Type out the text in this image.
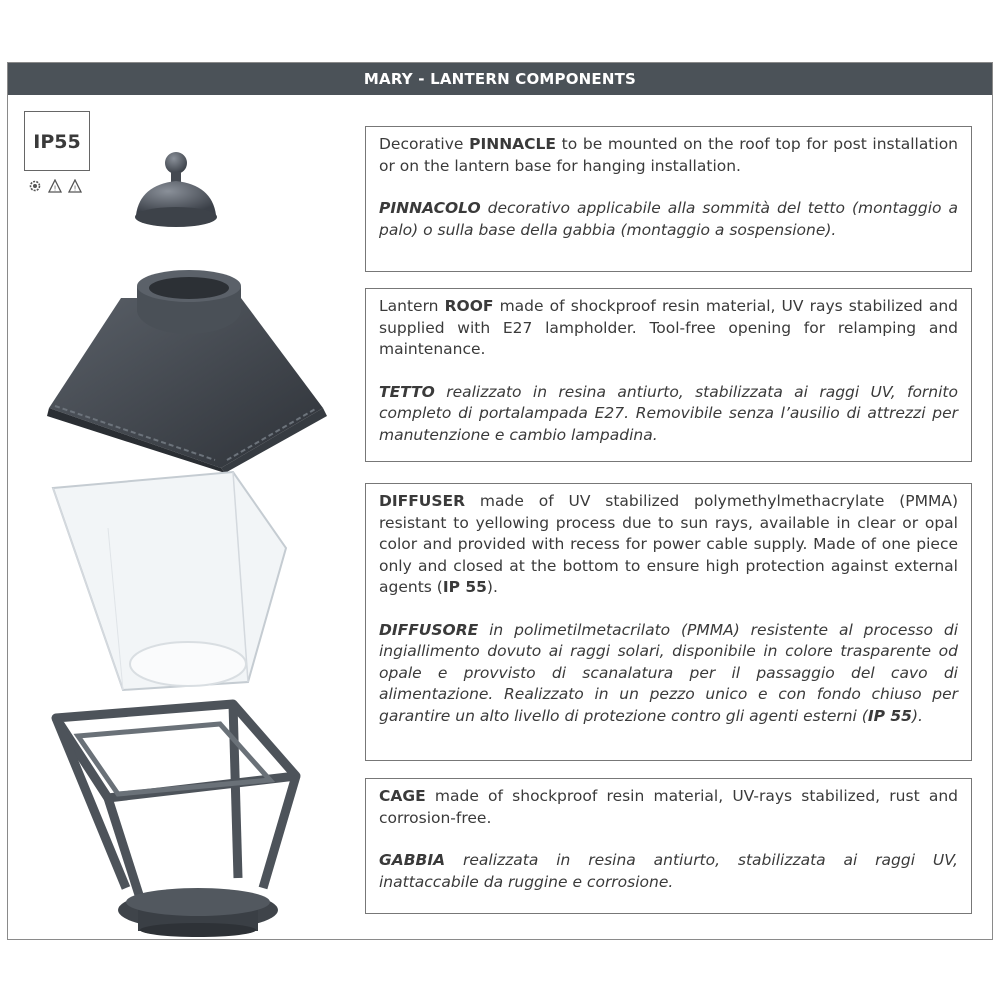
MARY - LANTERN COMPONENTS
IP55
! !

Decorative PINNACLE to be mounted on the roof top for post installation or on the lantern base for hanging installation.

PINNACOLO decorativo applicabile alla sommità del tetto (montaggio a palo) o sulla base della gabbia (montaggio a sospensione).

Lantern ROOF made of shockproof resin material, UV rays stabilized and supplied with E27 lampholder. Tool-free opening for relamping and maintenance.

TETTO realizzato in resina antiurto, stabilizzata ai raggi UV, fornito completo di portalampada E27. Removibile senza l’ausilio di attrezzi per manutenzione e cambio lampadina.

DIFFUSER made of UV stabilized polymethylmethacrylate (PMMA) resistant to yellowing process due to sun rays, available in clear or opal color and provided with recess for power cable supply. Made of one piece only and closed at the bottom to ensure high protection against external agents (IP 55).

DIFFUSORE in polimetilmetacrilato (PMMA) resistente al processo di ingiallimento dovuto ai raggi solari, disponibile in colore trasparente od opale e provvisto di scanalatura per il passaggio del cavo di alimentazione. Realizzato in un pezzo unico e con fondo chiuso per garantire un alto livello di protezione contro gli agenti esterni (IP 55).

CAGE made of shockproof resin material, UV-rays stabilized, rust and corrosion-free.

GABBIA realizzata in resina antiurto, stabilizzata ai raggi UV, inattaccabile da ruggine e corrosione.
